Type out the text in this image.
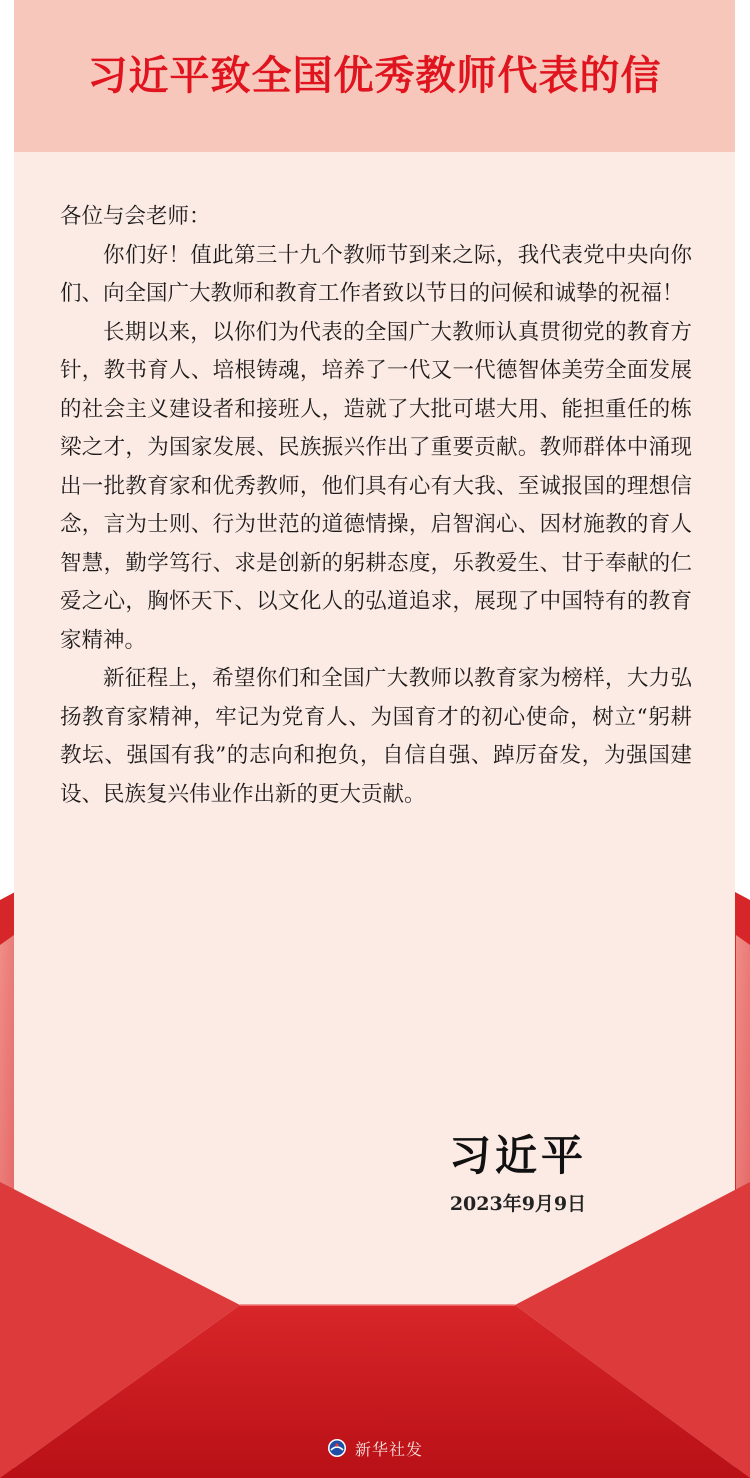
习近平致全国优秀教师代表的信

各位与会老师：

你们好！值此第三十九个教师节到来之际，我代表党中央向你们、向全国广大教师和教育工作者致以节日的问候和诚挚的祝福！

长期以来，以你们为代表的全国广大教师认真贯彻党的教育方针，教书育人、培根铸魂，培养了一代又一代德智体美劳全面发展的社会主义建设者和接班人，造就了大批可堪大用、能担重任的栋梁之才，为国家发展、民族振兴作出了重要贡献。教师群体中涌现出一批教育家和优秀教师，他们具有心有大我、至诚报国的理想信念，言为士则、行为世范的道德情操，启智润心、因材施教的育人智慧，勤学笃行、求是创新的躬耕态度，乐教爱生、甘于奉献的仁爱之心，胸怀天下、以文化人的弘道追求，展现了中国特有的教育家精神。

新征程上，希望你们和全国广大教师以教育家为榜样，大力弘扬教育家精神，牢记为党育人、为国育才的初心使命，树立“躬耕教坛、强国有我”的志向和抱负，自信自强、踔厉奋发，为强国建设、民族复兴伟业作出新的更大贡献。

习近平
2023年9月9日
新华社发
